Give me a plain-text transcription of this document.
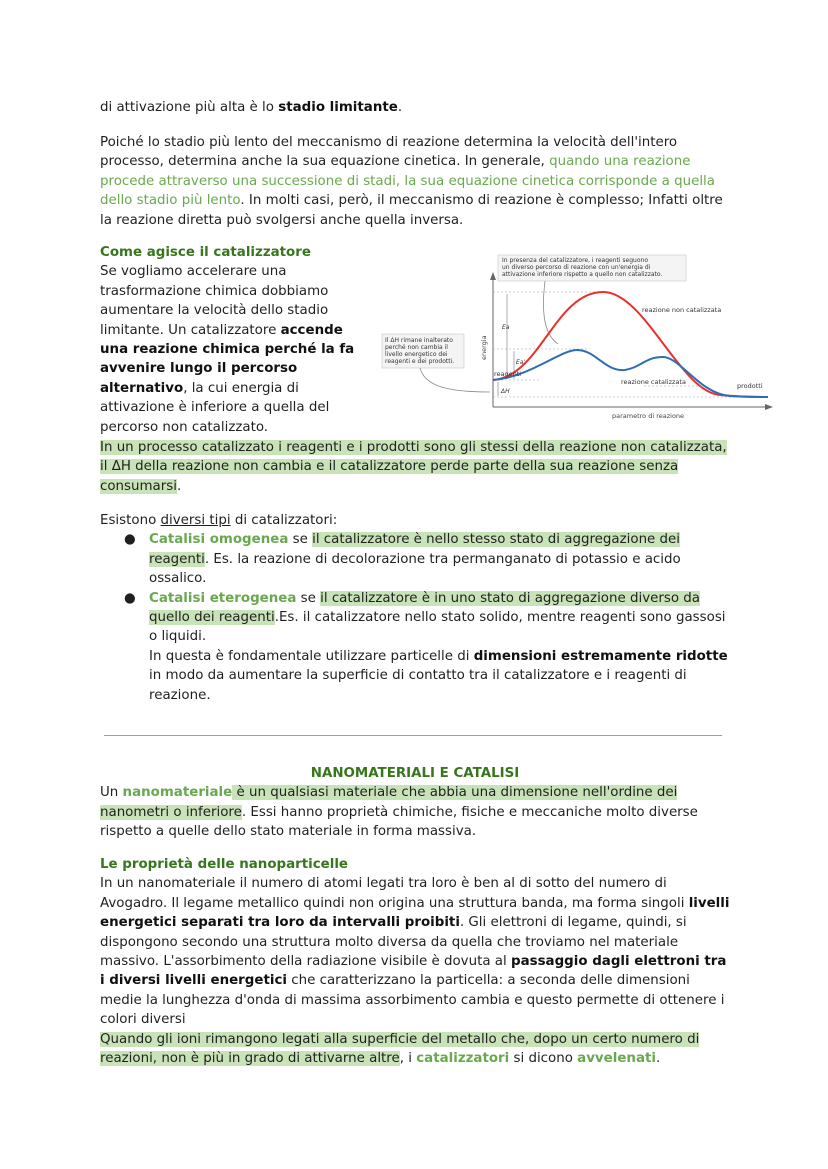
di attivazione più alta è lo stadio limitante.

Poiché lo stadio più lento del meccanismo di reazione determina la velocità dell'intero processo, determina anche la sua equazione cinetica. In generale, quando una reazione procede attraverso una successione di stadi, la sua equazione cinetica corrisponde a quella dello stadio più lento. In molti casi, però, il meccanismo di reazione è complesso; Infatti oltre la reazione diretta può svolgersi anche quella inversa.

Come agisce il catalizzatore

Se vogliamo accelerare una trasformazione chimica dobbiamo aumentare la velocità dello stadio limitante. Un catalizzatore accende una reazione chimica perché la fa avvenire lungo il percorso alternativo, la cui energia di attivazione è inferiore a quella del percorso non catalizzato.

In un processo catalizzato i reagenti e i prodotti sono gli stessi della reazione non catalizzata, il ΔH della reazione non cambia e il catalizzatore perde parte della sua reazione senza consumarsi.

In presenza del catalizzatore, i reagenti seguono
un diverso percorso di reazione con un'energia di
attivazione inferiore rispetto a quello non catalizzato.
Il ΔH rimane inalterato
perché non cambia il
livello energetico dei
reagenti e dei prodotti.
energia
parametro di reazione
Ea
Ea'
ΔH
reazione non catalizzata
reazione catalizzata
reagenti
prodotti

Esistono diversi tipi di catalizzatori:

● Catalisi omogenea se il catalizzatore è nello stesso stato di aggregazione dei reagenti. Es. la reazione di decolorazione tra permanganato di potassio e acido ossalico.
● Catalisi eterogenea se il catalizzatore è in uno stato di aggregazione diverso da quello dei reagenti.Es. il catalizzatore nello stato solido, mentre reagenti sono gassosi o liquidi.
In questa è fondamentale utilizzare particelle di dimensioni estremamente ridotte in modo da aumentare la superficie di contatto tra il catalizzatore e i reagenti di reazione.
NANOMATERIALI E CATALISI

Un nanomateriale è un qualsiasi materiale che abbia una dimensione nell'ordine dei nanometri o inferiore. Essi hanno proprietà chimiche, fisiche e meccaniche molto diverse rispetto a quelle dello stato materiale in forma massiva.

Le proprietà delle nanoparticelle

In un nanomateriale il numero di atomi legati tra loro è ben al di sotto del numero di Avogadro. Il legame metallico quindi non origina una struttura banda, ma forma singoli livelli energetici separati tra loro da intervalli proibiti. Gli elettroni di legame, quindi, si dispongono secondo una struttura molto diversa da quella che troviamo nel materiale massivo. L'assorbimento della radiazione visibile è dovuta al passaggio dagli elettroni tra i diversi livelli energetici che caratterizzano la particella: a seconda delle dimensioni medie la lunghezza d'onda di massima assorbimento cambia e questo permette di ottenere i colori diversi

Quando gli ioni rimangono legati alla superficie del metallo che, dopo un certo numero di reazioni, non è più in grado di attivarne altre, i catalizzatori si dicono avvelenati.
